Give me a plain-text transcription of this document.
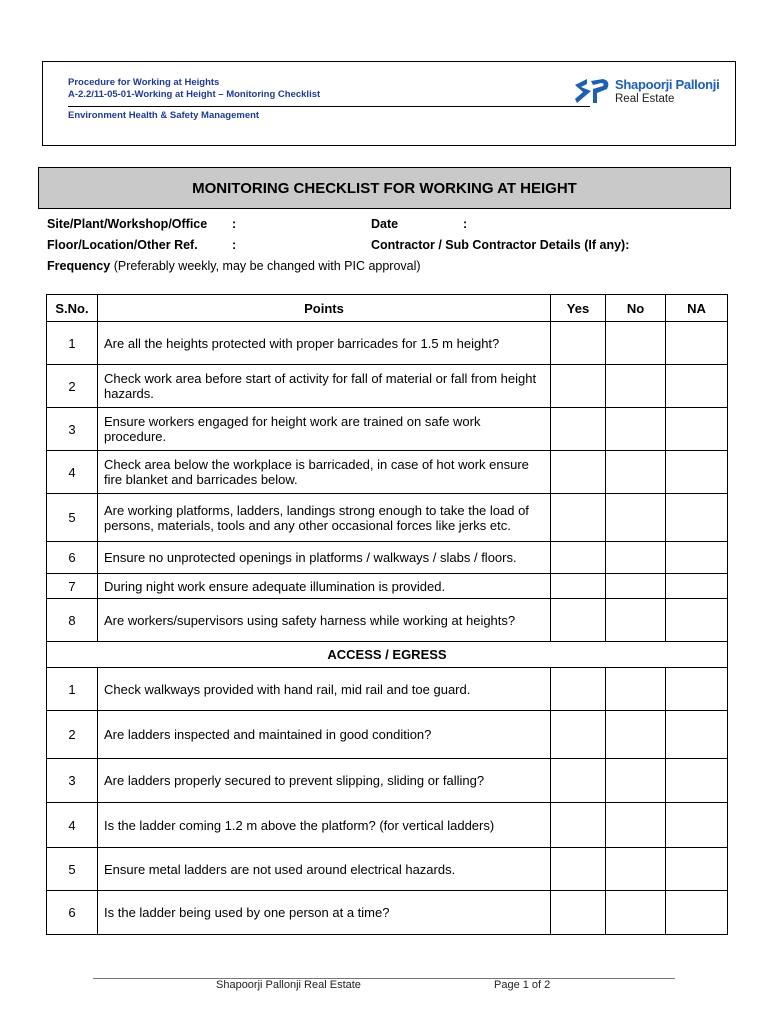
Procedure for Working at Heights
A-2.2/11-05-01-Working at Height – Monitoring Checklist
Environment Health & Safety Management
Shapoorji Pallonji
Real Estate
MONITORING CHECKLIST FOR WORKING AT HEIGHT
Site/Plant/Workshop/Office :	Date	:
Floor/Location/Other Ref.	:	Contractor / Sub Contractor Details (If any):
Frequency (Preferably weekly, may be changed with PIC approval)
S.No.	Points	Yes	No	NA
1	Are all the heights protected with proper barricades for 1.5 m height?			
2	Check work area before start of activity for fall of material or fall from height hazards.			
3	Ensure workers engaged for height work are trained on safe work procedure.			
4	Check area below the workplace is barricaded, in case of hot work ensure fire blanket and barricades below.			
5	Are working platforms, ladders, landings strong enough to take the load of persons, materials, tools and any other occasional forces like jerks etc.			
6	Ensure no unprotected openings in platforms / walkways / slabs / floors.			
7	During night work ensure adequate illumination is provided.			
8	Are workers/supervisors using safety harness while working at heights?			
ACCESS / EGRESS				
1	Check walkways provided with hand rail, mid rail and toe guard.			
2	Are ladders inspected and maintained in good condition?			
3	Are ladders properly secured to prevent slipping, sliding or falling?			
4	Is the ladder coming 1.2 m above the platform? (for vertical ladders)			
5	Ensure metal ladders are not used around electrical hazards.			
6	Is the ladder being used by one person at a time?			
Shapoorji Pallonji Real Estate	Page 1 of 2
